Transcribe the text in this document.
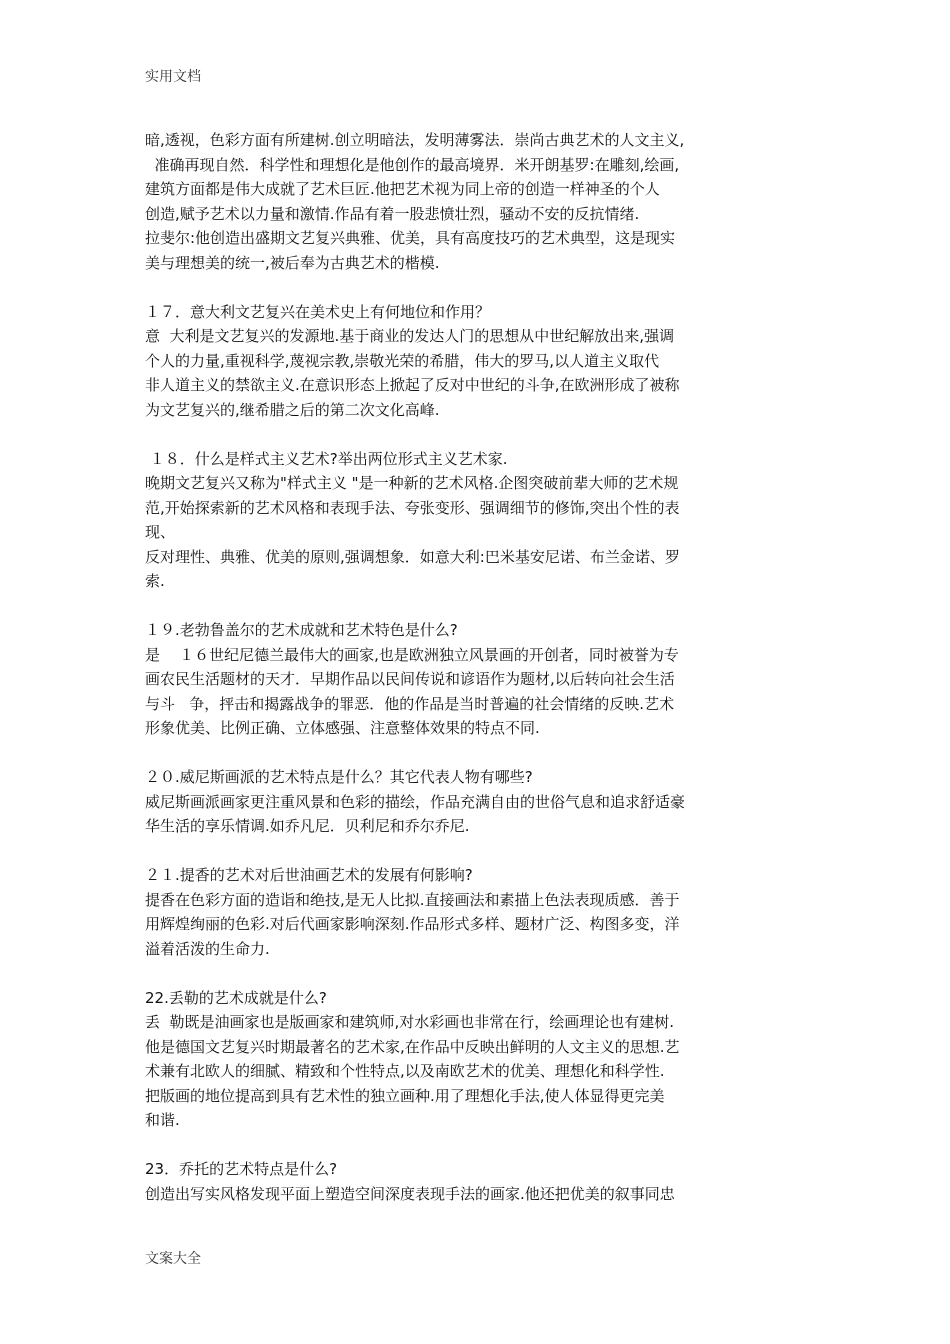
实用文档

暗,透视，色彩方面有所建树.创立明暗法，发明薄雾法．崇尚古典艺术的人文主义,

准确再现自然．科学性和理想化是他创作的最高境界．米开朗基罗:在雕刻,绘画,

建筑方面都是伟大成就了艺术巨匠.他把艺术视为同上帝的创造一样神圣的个人

创造,赋予艺术以力量和激情.作品有着一股悲愤壮烈，骚动不安的反抗情绪.

拉斐尔:他创造出盛期文艺复兴典雅、优美，具有高度技巧的艺术典型，这是现实

美与理想美的统一,被后奉为古典艺术的楷模.

１７．意大利文艺复兴在美术史上有何地位和作用？

意  大利是文艺复兴的发源地.基于商业的发达人门的思想从中世纪解放出来,强调

个人的力量,重视科学,蔑视宗教,崇敬光荣的希腊，伟大的罗马,以人道主义取代

非人道主义的禁欲主义.在意识形态上掀起了反对中世纪的斗争,在欧洲形成了被称

为文艺复兴的,继希腊之后的第二次文化高峰.

１８．什么是样式主义艺术?举出两位形式主义艺术家.

晚期文艺复兴又称为"样式主义 "是一种新的艺术风格.企图突破前辈大师的艺术规

范,开始探索新的艺术风格和表现手法、夸张变形、强调细节的修饰,突出个性的表

现、

反对理性、典雅、优美的原则,强调想象．如意大利:巴米基安尼诺、布兰金诺、罗

索.

１９.老勃鲁盖尔的艺术成就和艺术特色是什么?

是    １６世纪尼德兰最伟大的画家,也是欧洲独立风景画的开创者，同时被誉为专

画农民生活题材的天才．早期作品以民间传说和谚语作为题材,以后转向社会生活

与斗   争，抨击和揭露战争的罪恶．他的作品是当时普遍的社会情绪的反映.艺术

形象优美、比例正确、立体感强、注意整体效果的特点不同.

２０.威尼斯画派的艺术特点是什么？其它代表人物有哪些?

威尼斯画派画家更注重风景和色彩的描绘，作品充满自由的世俗气息和追求舒适豪

华生活的享乐情调.如乔凡尼．贝利尼和乔尔乔尼.

２１.提香的艺术对后世油画艺术的发展有何影响?

提香在色彩方面的造诣和绝技,是无人比拟.直接画法和素描上色法表现质感．善于

用辉煌绚丽的色彩.对后代画家影响深刻.作品形式多样、题材广泛、构图多变，洋

溢着活泼的生命力.

22.丢勒的艺术成就是什么?

丢  勒既是油画家也是版画家和建筑师,对水彩画也非常在行，绘画理论也有建树.

他是德国文艺复兴时期最著名的艺术家,在作品中反映出鲜明的人文主义的思想.艺

术兼有北欧人的细腻、精致和个性特点,以及南欧艺术的优美、理想化和科学性.

把版画的地位提高到具有艺术性的独立画种.用了理想化手法,使人体显得更完美

和谐.

23．乔托的艺术特点是什么?

创造出写实风格发现平面上塑造空间深度表现手法的画家.他还把优美的叙事同忠

文案大全
